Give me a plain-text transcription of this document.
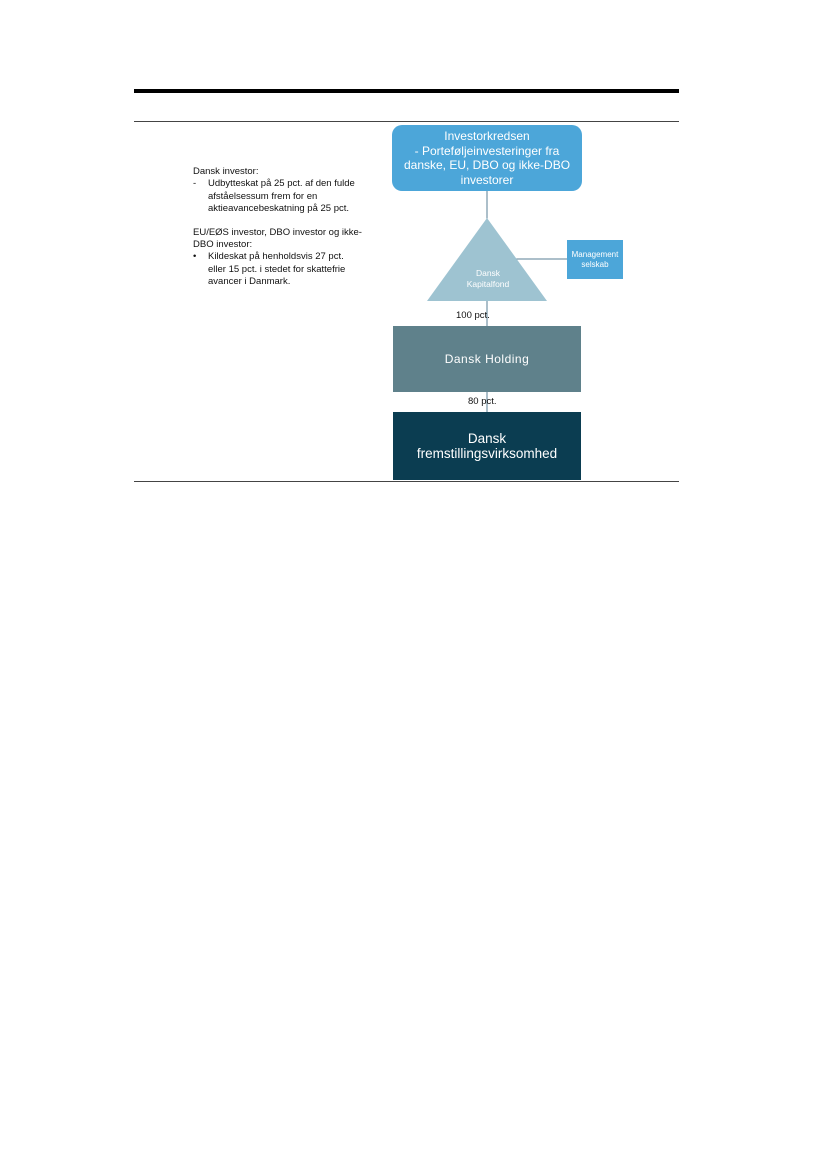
Dansk investor:

- Udbytteskat på 25 pct. af den fulde afståelsessum frem for en aktieavancebeskatning på 25 pct.

EU/EØS investor, DBO investor og ikke-DBO investor:

• Kildeskat på henholdsvis 27 pct. eller 15 pct. i stedet for skattefrie avancer i Danmark.
Investorkredsen
- Porteføljeinvesteringer fra danske, EU, DBO og ikke-DBO investorer
Dansk
Kapitalfond
Management
selskab
100 pct.
Dansk Holding
80 pct.
Dansk
fremstillingsvirksomhed
